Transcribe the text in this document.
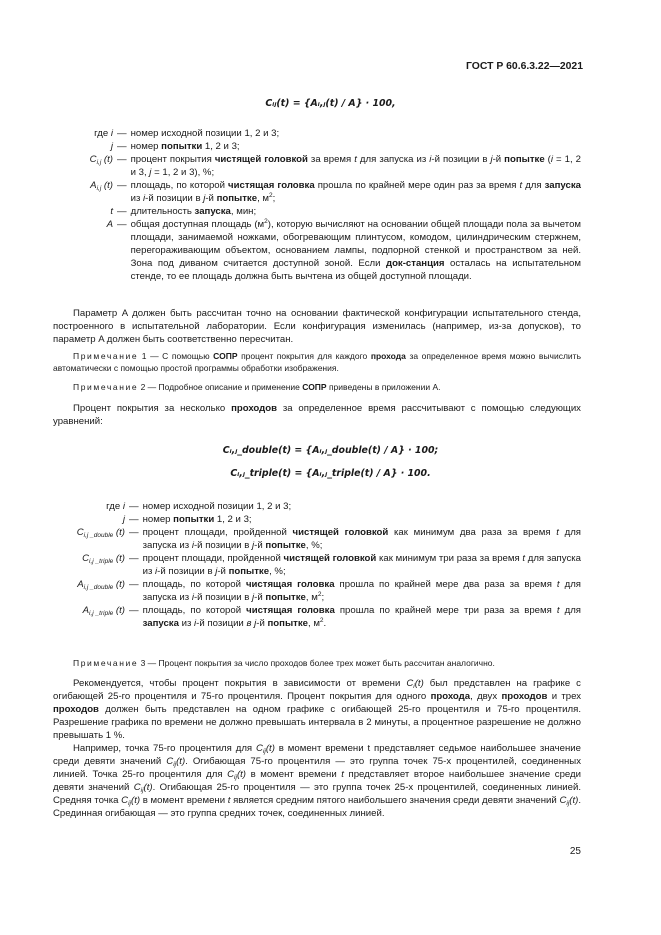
ГОСТ Р 60.6.3.22—2021
Cᵢⱼ(t) = {Aᵢ,ⱼ(t) / A} · 100,
где i — номер исходной позиции 1, 2 и 3;
j — номер попытки 1, 2 и 3;
$C_{i,j}$ (t) — процент покрытия чистящей головкой за время t для запуска из i-й позиции в j-й попытке (i = 1, 2 и 3, j = 1, 2 и 3), %;
$A_{i,j}$ (t) — площадь, по которой чистящая головка прошла по крайней мере один раз за время t для запуска из i-й позиции в j-й попытке, $м^2$;
t — длительность запуска, мин;
A — общая доступная площадь $(м^2)$, которую вычисляют на основании общей площади пола за вычетом площади, занимаемой ножками, обогревающим плинтусом, комодом, цилиндрическим стержнем, перегораживающим объектом, основанием лампы, подпорной стенкой и пространством за ней. Зона под диваном считается доступной зоной. Если док-станция осталась на испытательном стенде, то ее площадь должна быть вычтена из общей доступной площади.
Параметр A должен быть рассчитан точно на основании фактической конфигурации испытательного стенда, построенного в испытательной лаборатории. Если конфигурация изменилась (например, из-за допусков), то параметр A должен быть соответственно пересчитан.
Примечание 1 — С помощью СОПР процент покрытия для каждого прохода за определенное время можно вычислить автоматически с помощью простой программы обработки изображения.
Примечание 2 — Подробное описание и применение СОПР приведены в приложении А.
Процент покрытия за несколько проходов за определенное время рассчитывают с помощью следующих уравнений:
Cᵢ,ⱼ_double(t) = {Aᵢ,ⱼ_double(t) / A} · 100;
Cᵢ,ⱼ_triple(t) = {Aᵢ,ⱼ_triple(t) / A} · 100.
где i — номер исходной позиции 1, 2 и 3;
j — номер попытки 1, 2 и 3;
$C_{i,j \_double}$ (t) — процент площади, пройденной чистящей головкой как минимум два раза за время t для запуска из i-й позиции в j-й попытке, %;
$C_{i,j \_triple}$ (t) — процент площади, пройденной чистящей головкой как минимум три раза за время t для запуска из i-й позиции в j-й попытке, %;
$A_{i,j \_double}$ (t) — площадь, по которой чистящая головка прошла по крайней мере два раза за время t для запуска из i-й позиции в j-й попытке, $м^2$;
$A_{i,j \_triple}$ (t) — площадь, по которой чистящая головка прошла по крайней мере три раза за время t для запуска из i-й позиции в j-й попытке, $м^2$.
Примечание 3 — Процент покрытия за число проходов более трех может быть рассчитан аналогично.
Рекомендуется, чтобы процент покрытия в зависимости от времени $C_i(t)$ был представлен на графике с огибающей 25-го процентиля и 75-го процентиля. Процент покрытия для одного прохода, двух проходов и трех проходов должен быть представлен на одном графике с огибающей 25-го процентиля и 75-го процентиля. Разрешение графика по времени не должно превышать интервала в 2 минуты, а процентное разрешение не должно превышать 1 %.
Например, точка 75-го процентиля для $C_{ij}(t)$ в момент времени t представляет седьмое наибольшее значение среди девяти значений $C_{ij}(t)$. Огибающая 75-го процентиля — это группа точек 75-х процентилей, соединенных линией. Точка 25-го процентиля для $C_{ij}(t)$ в момент времени t представляет второе наибольшее значение среди девяти значений $C_{ij}(t)$. Огибающая 25-го процентиля — это группа точек 25-х процентилей, соединенных линией. Средняя точка $C_{ij}(t)$ в момент времени t является средним пятого наибольшего значения среди девяти значений $C_{ij}(t)$. Срединная огибающая — это группа средних точек, соединенных линией.
25
